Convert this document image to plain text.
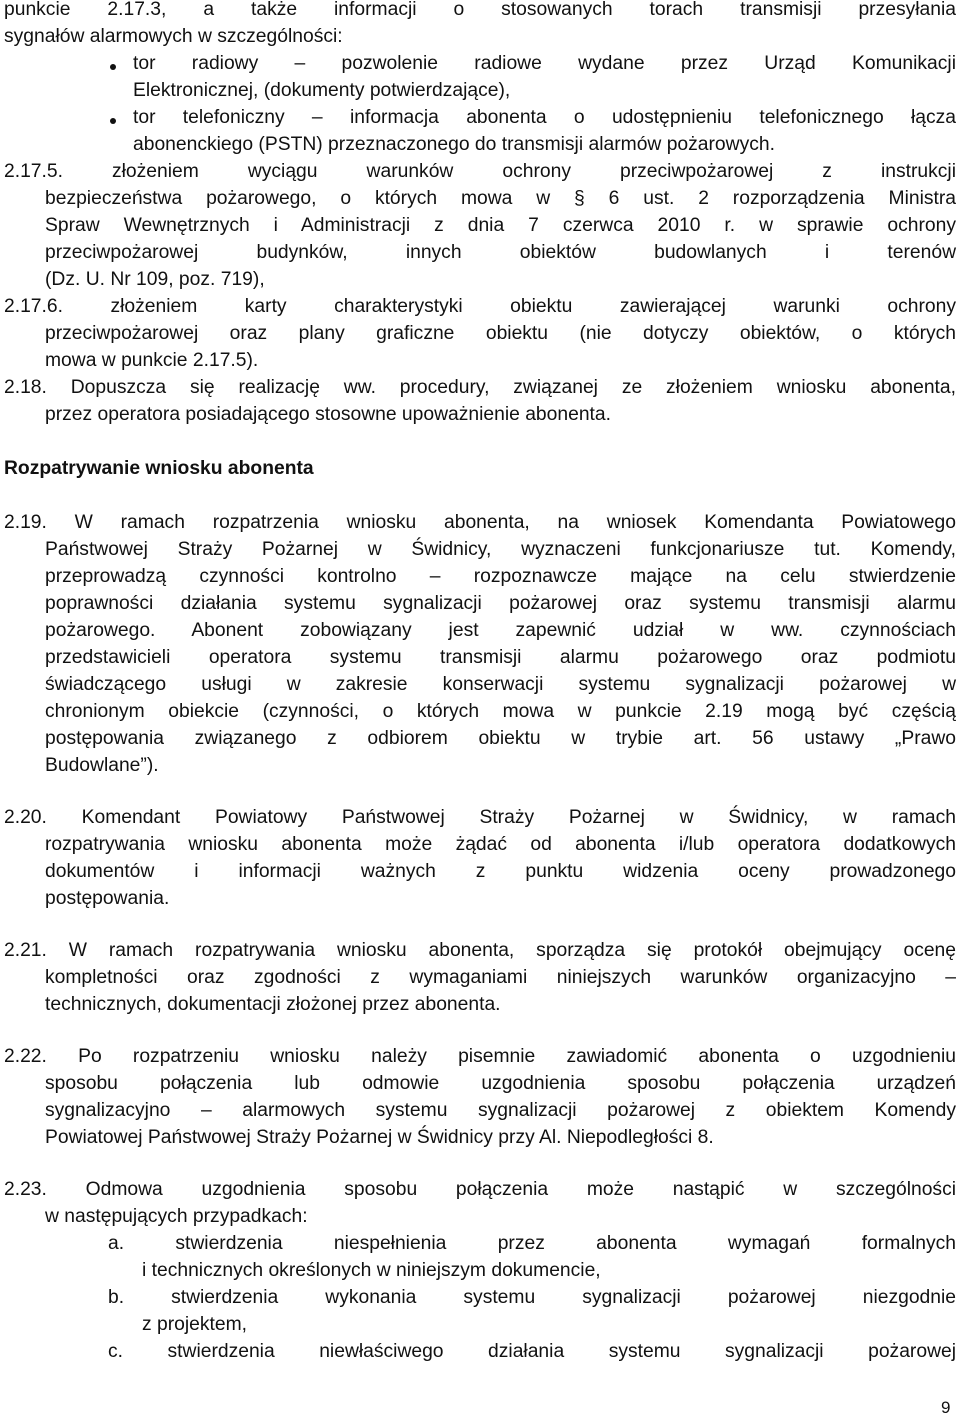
punkcie 2.17.3, a także informacji o stosowanych torach transmisji przesyłania
sygnałów alarmowych w szczególności:
tor radiowy – pozwolenie radiowe wydane przez Urząd Komunikacji
Elektronicznej, (dokumenty potwierdzające),
tor telefoniczny – informacja abonenta o udostępnieniu telefonicznego łącza
abonenckiego (PSTN) przeznaczonego do transmisji alarmów pożarowych.
2.17.5. złożeniem wyciągu warunków ochrony przeciwpożarowej z instrukcji
bezpieczeństwa pożarowego, o których mowa w § 6 ust. 2 rozporządzenia Ministra
Spraw Wewnętrznych i Administracji z dnia 7 czerwca 2010 r. w sprawie ochrony
przeciwpożarowej budynków, innych obiektów budowlanych i terenów
(Dz. U. Nr 109, poz. 719),
2.17.6. złożeniem karty charakterystyki obiektu zawierającej warunki ochrony
przeciwpożarowej oraz plany graficzne obiektu (nie dotyczy obiektów, o których
mowa w punkcie 2.17.5).
2.18. Dopuszcza się realizację ww. procedury, związanej ze złożeniem wniosku abonenta,
przez operatora posiadającego stosowne upoważnienie abonenta.
Rozpatrywanie wniosku abonenta
2.19. W ramach rozpatrzenia wniosku abonenta, na wniosek Komendanta Powiatowego
Państwowej Straży Pożarnej w Świdnicy, wyznaczeni funkcjonariusze tut. Komendy,
przeprowadzą czynności kontrolno – rozpoznawcze mające na celu stwierdzenie
poprawności działania systemu sygnalizacji pożarowej oraz systemu transmisji alarmu
pożarowego. Abonent zobowiązany jest zapewnić udział w ww. czynnościach
przedstawicieli operatora systemu transmisji alarmu pożarowego oraz podmiotu
świadczącego usługi w zakresie konserwacji systemu sygnalizacji pożarowej w
chronionym obiekcie (czynności, o których mowa w punkcie 2.19 mogą być częścią
postępowania związanego z odbiorem obiektu w trybie art. 56 ustawy „Prawo
Budowlane”).
2.20. Komendant Powiatowy Państwowej Straży Pożarnej w Świdnicy, w ramach
rozpatrywania wniosku abonenta może żądać od abonenta i/lub operatora dodatkowych
dokumentów i informacji ważnych z punktu widzenia oceny prowadzonego
postępowania.
2.21. W ramach rozpatrywania wniosku abonenta, sporządza się protokół obejmujący ocenę
kompletności oraz zgodności z wymaganiami niniejszych warunków organizacyjno –
technicznych, dokumentacji złożonej przez abonenta.
2.22. Po rozpatrzeniu wniosku należy pisemnie zawiadomić abonenta o uzgodnieniu
sposobu połączenia lub odmowie uzgodnienia sposobu połączenia urządzeń
sygnalizacyjno – alarmowych systemu sygnalizacji pożarowej z obiektem Komendy
Powiatowej Państwowej Straży Pożarnej w Świdnicy przy Al. Niepodległości 8.
2.23. Odmowa uzgodnienia sposobu połączenia może nastąpić w szczególności
w następujących przypadkach:
a. stwierdzenia niespełnienia przez abonenta wymagań formalnych
i technicznych określonych w niniejszym dokumencie,
b. stwierdzenia wykonania systemu sygnalizacji pożarowej niezgodnie
z projektem,
c. stwierdzenia niewłaściwego działania systemu sygnalizacji pożarowej
9
